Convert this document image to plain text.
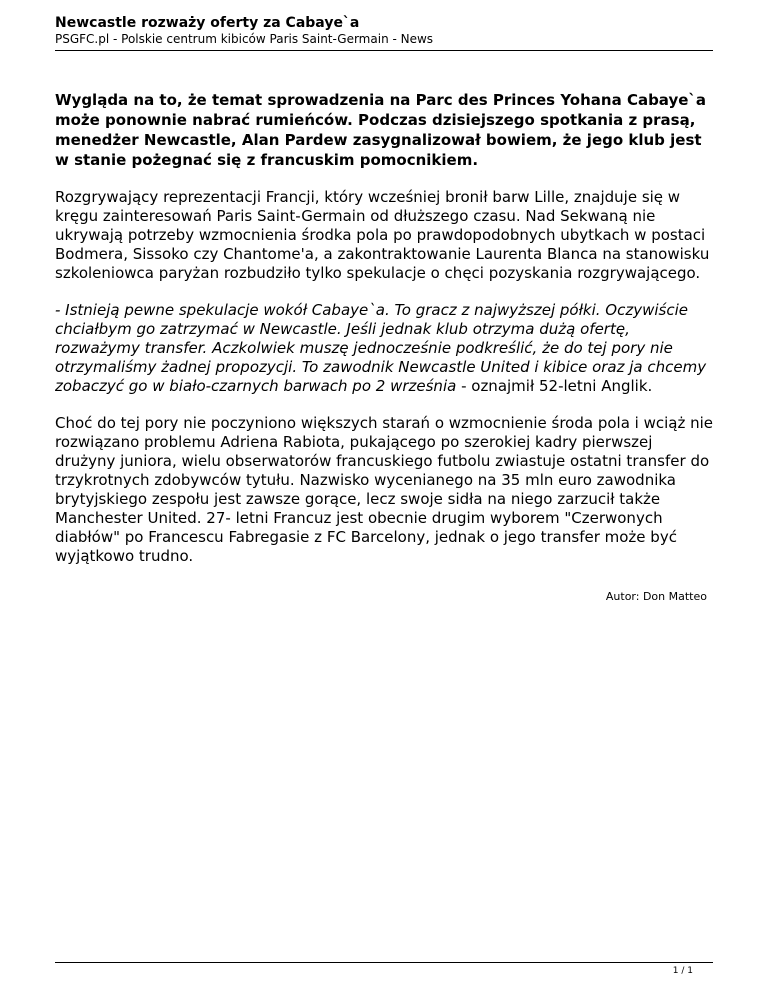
Newcastle rozważy oferty za Cabaye`a

PSGFC.pl - Polskie centrum kibiców Paris Saint-Germain - News

Wygląda na to, że temat sprowadzenia na Parc des Princes Yohana Cabaye`a może ponownie nabrać rumieńców. Podczas dzisiejszego spotkania z prasą, menedżer Newcastle, Alan Pardew zasygnalizował bowiem, że jego klub jest w stanie pożegnać się z francuskim pomocnikiem.

Rozgrywający reprezentacji Francji, który wcześniej bronił barw Lille, znajduje się w kręgu zainteresowań Paris Saint-Germain od dłuższego czasu. Nad Sekwaną nie ukrywają potrzeby wzmocnienia środka pola po prawdopodobnych ubytkach w postaci Bodmera, Sissoko czy Chantome'a, a zakontraktowanie Laurenta Blanca na stanowisku szkoleniowca paryżan rozbudziło tylko spekulacje o chęci pozyskania rozgrywającego.

- Istnieją pewne spekulacje wokół Cabaye`a. To gracz z najwyższej półki. Oczywiście chciałbym go zatrzymać w Newcastle. Jeśli jednak klub otrzyma dużą ofertę, rozważymy transfer. Aczkolwiek muszę jednocześnie podkreślić, że do tej pory nie otrzymaliśmy żadnej propozycji. To zawodnik Newcastle United i kibice oraz ja chcemy zobaczyć go w biało-czarnych barwach po 2 września - oznajmił 52-letni Anglik.

Choć do tej pory nie poczyniono większych starań o wzmocnienie środa pola i wciąż nie rozwiązano problemu Adriena Rabiota, pukającego po szerokiej kadry pierwszej drużyny juniora, wielu obserwatorów francuskiego futbolu zwiastuje ostatni transfer do trzykrotnych zdobywców tytułu. Nazwisko wycenianego na 35 mln euro zawodnika brytyjskiego zespołu jest zawsze gorące, lecz swoje sidła na niego zarzucił także Manchester United. 27- letni Francuz jest obecnie drugim wyborem "Czerwonych diabłów" po Francescu Fabregasie z FC Barcelony, jednak o jego transfer może być wyjątkowo trudno.

Autor: Don Matteo

1 / 1
